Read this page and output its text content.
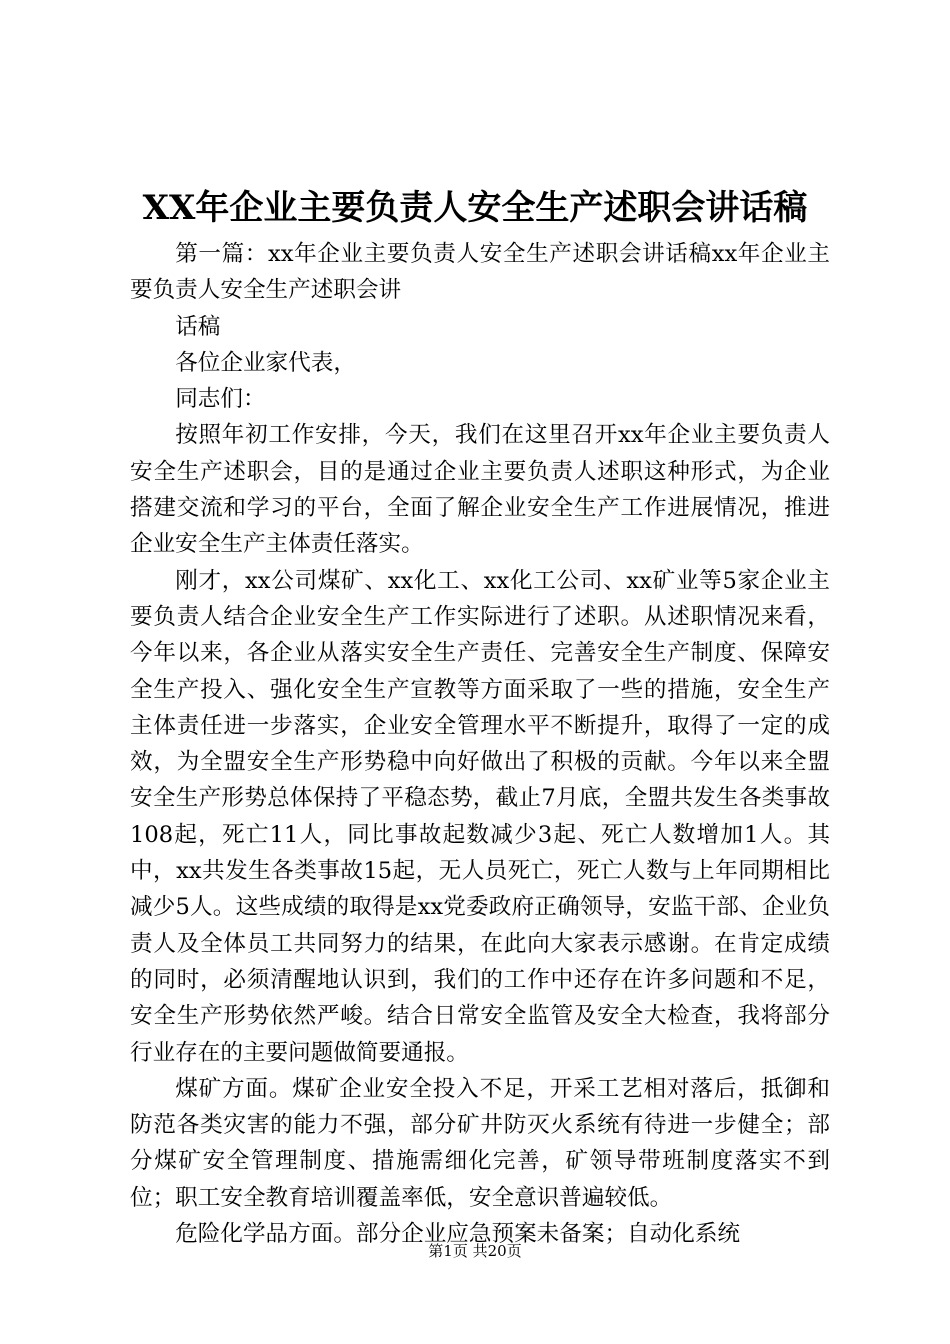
XX年企业主要负责人安全生产述职会讲话稿

第一篇：xx年企业主要负责人安全生产述职会讲话稿xx年企业主要负责人安全生产述职会讲

话稿

各位企业家代表，

同志们：

按照年初工作安排，今天，我们在这里召开xx年企业主要负责人安全生产述职会，目的是通过企业主要负责人述职这种形式，为企业搭建交流和学习的平台，全面了解企业安全生产工作进展情况，推进企业安全生产主体责任落实。

刚才，xx公司煤矿、xx化工、xx化工公司、xx矿业等5家企业主要负责人结合企业安全生产工作实际进行了述职。从述职情况来看，今年以来，各企业从落实安全生产责任、完善安全生产制度、保障安全生产投入、强化安全生产宣教等方面采取了一些的措施，安全生产主体责任进一步落实，企业安全管理水平不断提升，取得了一定的成效，为全盟安全生产形势稳中向好做出了积极的贡献。今年以来全盟安全生产形势总体保持了平稳态势，截止7月底，全盟共发生各类事故108起，死亡11人，同比事故起数减少3起、死亡人数增加1人。其中，xx共发生各类事故15起，无人员死亡，死亡人数与上年同期相比减少5人。这些成绩的取得是xx党委政府正确领导，安监干部、企业负责人及全体员工共同努力的结果，在此向大家表示感谢。在肯定成绩的同时，必须清醒地认识到，我们的工作中还存在许多问题和不足，安全生产形势依然严峻。结合日常安全监管及安全大检查，我将部分行业存在的主要问题做简要通报。

煤矿方面。煤矿企业安全投入不足，开采工艺相对落后，抵御和防范各类灾害的能力不强，部分矿井防灭火系统有待进一步健全；部分煤矿安全管理制度、措施需细化完善，矿领导带班制度落实不到位；职工安全教育培训覆盖率低，安全意识普遍较低。

危险化学品方面。部分企业应急预案未备案；自动化系统

第1页 共20页
